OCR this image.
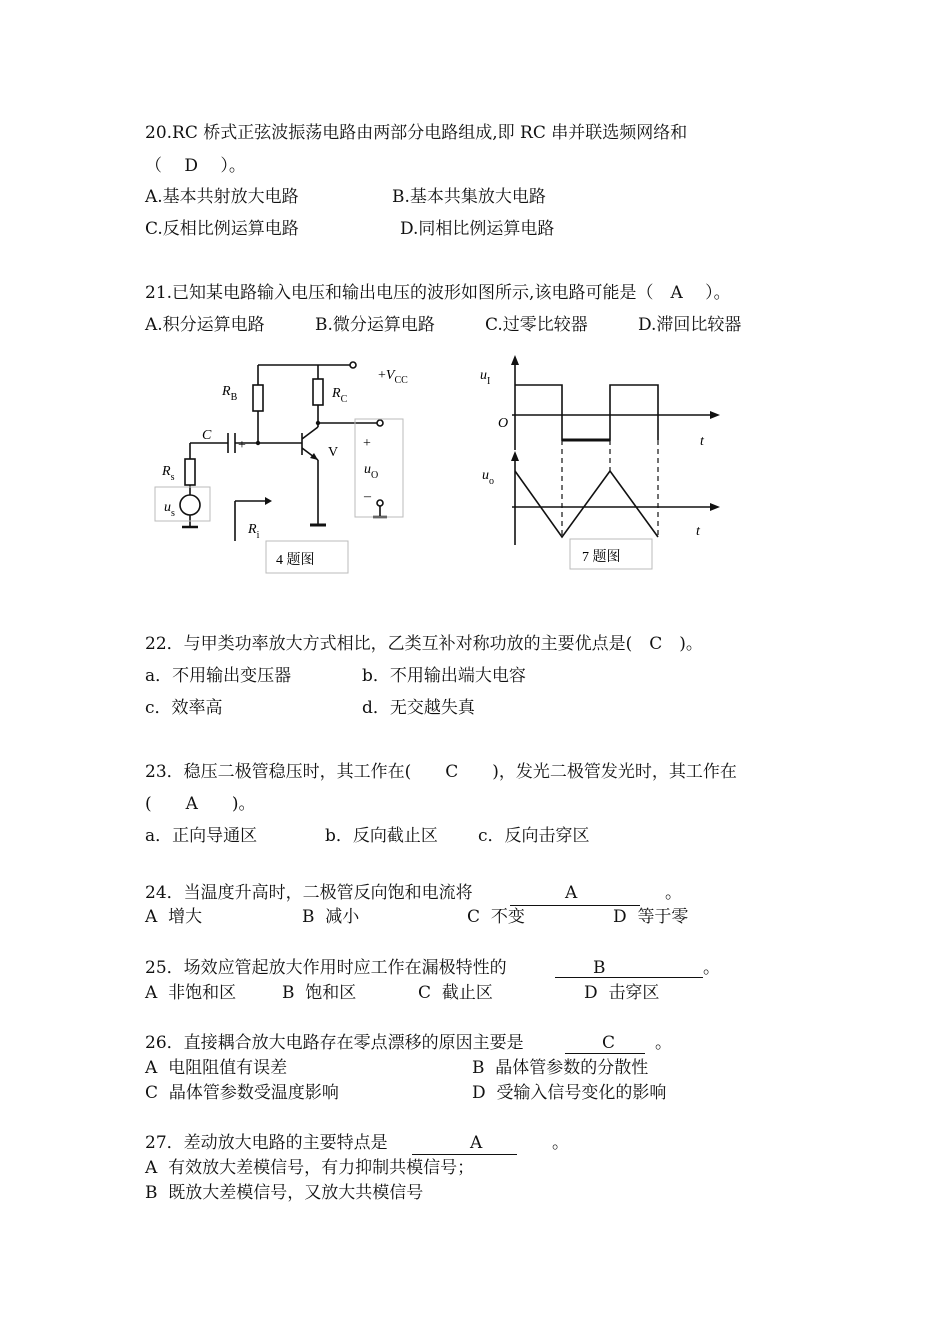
20.RC 桥式正弦波振荡电路由两部分电路组成,即 RC 串并联选频网络和
（　 D　 ）。
A.基本共射放大电路	B.基本共集放大电路
C.反相比例运算电路	D.同相比例运算电路
21.已知某电路输入电压和输出电压的波形如图所示,该电路可能是（　A　 ）。
A.积分运算电路	B.微分运算电路	C.过零比较器	D.滞回比较器
$+V_{CC}$
$R_B$	$R_C$
C
+	V
$R_s$
$u_s$
$R_i$
+
$u_O$
–
4 题图
$u_I$
O
t
$u_o$
t
7 题图
22．与甲类功率放大方式相比，乙类互补对称功放的主要优点是(　C　)。
a．不用输出变压器	b．不用输出端大电容
c．效率高	d．无交越失真
23．稳压二极管稳压时，其工作在(　　C　　)，发光二极管发光时，其工作在
(　　A　　)。
a．正向导通区	b．反向截止区 c．反向击穿区
24．当温度升高时，二极管反向饱和电流将	A	。
A  增大	B  减小	C  不变	D  等于零
25．场效应管起放大作用时应工作在漏极特性的	B	。
A  非饱和区	B  饱和区	C  截止区	D  击穿区
26．直接耦合放大电路存在零点漂移的原因主要是	C 。
A  电阻阻值有误差	B  晶体管参数的分散性
C  晶体管参数受温度影响	D  受输入信号变化的影响
27．差动放大电路的主要特点是	A	。
A  有效放大差模信号，有力抑制共模信号；
B  既放大差模信号，又放大共模信号
